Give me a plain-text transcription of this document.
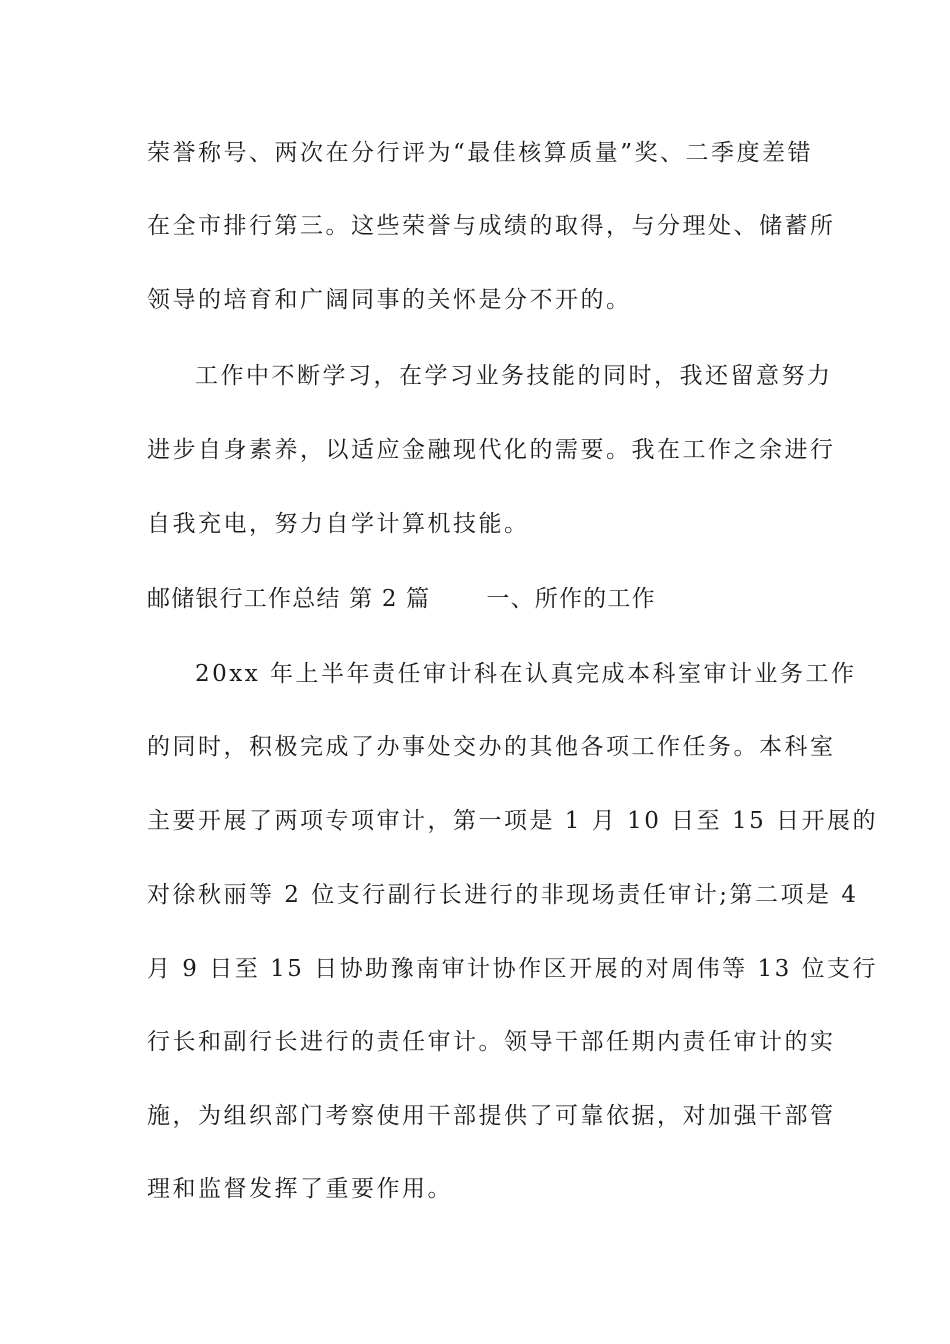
荣誉称号、两次在分行评为“最佳核算质量”奖、二季度差错
在全市排行第三。这些荣誉与成绩的取得，与分理处、储蓄所
领导的培育和广阔同事的关怀是分不开的。
工作中不断学习，在学习业务技能的同时，我还留意努力
进步自身素养，以适应金融现代化的需要。我在工作之余进行
自我充电，努力自学计算机技能。
邮储银行工作总结 第 2 篇 一、所作的工作
20xx 年上半年责任审计科在认真完成本科室审计业务工作
的同时，积极完成了办事处交办的其他各项工作任务。本科室
主要开展了两项专项审计，第一项是 1 月 10 日至 15 日开展的
对徐秋丽等 2 位支行副行长进行的非现场责任审计;第二项是 4
月 9 日至 15 日协助豫南审计协作区开展的对周伟等 13 位支行
行长和副行长进行的责任审计。领导干部任期内责任审计的实
施，为组织部门考察使用干部提供了可靠依据，对加强干部管
理和监督发挥了重要作用。
